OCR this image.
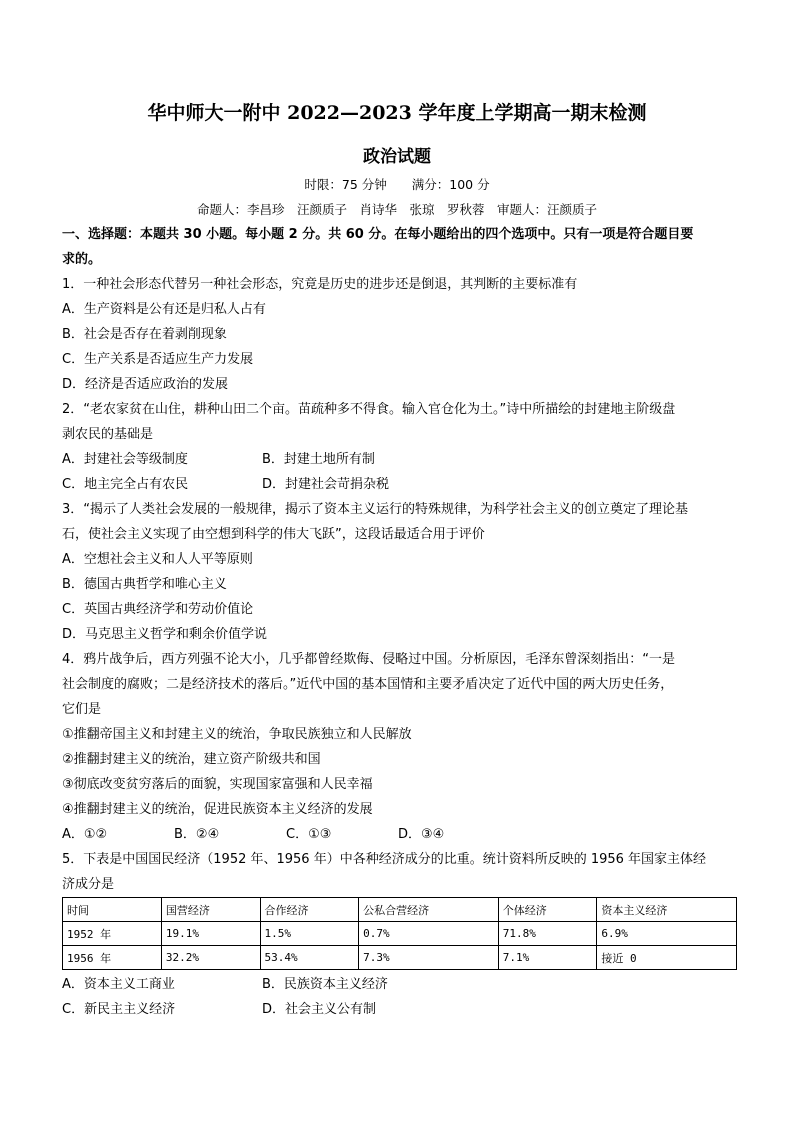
华中师大一附中 2022—2023 学年度上学期高一期末检测
政治试题
时限：75 分钟　　满分：100 分
命题人：李昌珍　汪颜质子　肖诗华　张琼　罗秋蓉　审题人：汪颜质子
一、选择题：本题共 30 小题。每小题 2 分。共 60 分。在每小题给出的四个选项中。只有一项是符合题目要
求的。
1．一种社会形态代替另一种社会形态，究竟是历史的进步还是倒退，其判断的主要标准有
A．生产资料是公有还是归私人占有
B．社会是否存在着剥削现象
C．生产关系是否适应生产力发展
D．经济是否适应政治的发展
2．“老农家贫在山住，耕种山田二个亩。苗疏种多不得食。输入官仓化为土。”诗中所描绘的封建地主阶级盘
剥农民的基础是
A．封建社会等级制度	B．封建土地所有制
C．地主完全占有农民	D．封建社会苛捐杂税
3．“揭示了人类社会发展的一般规律，揭示了资本主义运行的特殊规律，为科学社会主义的创立奠定了理论基
石，使社会主义实现了由空想到科学的伟大飞跃”，这段话最适合用于评价
A．空想社会主义和人人平等原则
B．德国古典哲学和唯心主义
C．英国古典经济学和劳动价值论
D．马克思主义哲学和剩余价值学说
4．鸦片战争后，西方列强不论大小，几乎都曾经欺侮、侵略过中国。分析原因，毛泽东曾深刻指出：“一是
社会制度的腐败；二是经济技术的落后。”近代中国的基本国情和主要矛盾决定了近代中国的两大历史任务，
它们是
①推翻帝国主义和封建主义的统治，争取民族独立和人民解放
②推翻封建主义的统治，建立资产阶级共和国
③彻底改变贫穷落后的面貌，实现国家富强和人民幸福
④推翻封建主义的统治，促进民族资本主义经济的发展
A．①②	B．②④	C．①③	D．③④
5．下表是中国国民经济（1952 年、1956 年）中各种经济成分的比重。统计资料所反映的 1956 年国家主体经
济成分是
时间	国营经济	合作经济	公私合营经济	个体经济	资本主义经济
1952 年	19.1%	1.5%	0.7%	71.8%	6.9%
1956 年	32.2%	53.4%	7.3%	7.1%	接近 0
A．资本主义工商业	B．民族资本主义经济
C．新民主主义经济	D．社会主义公有制
